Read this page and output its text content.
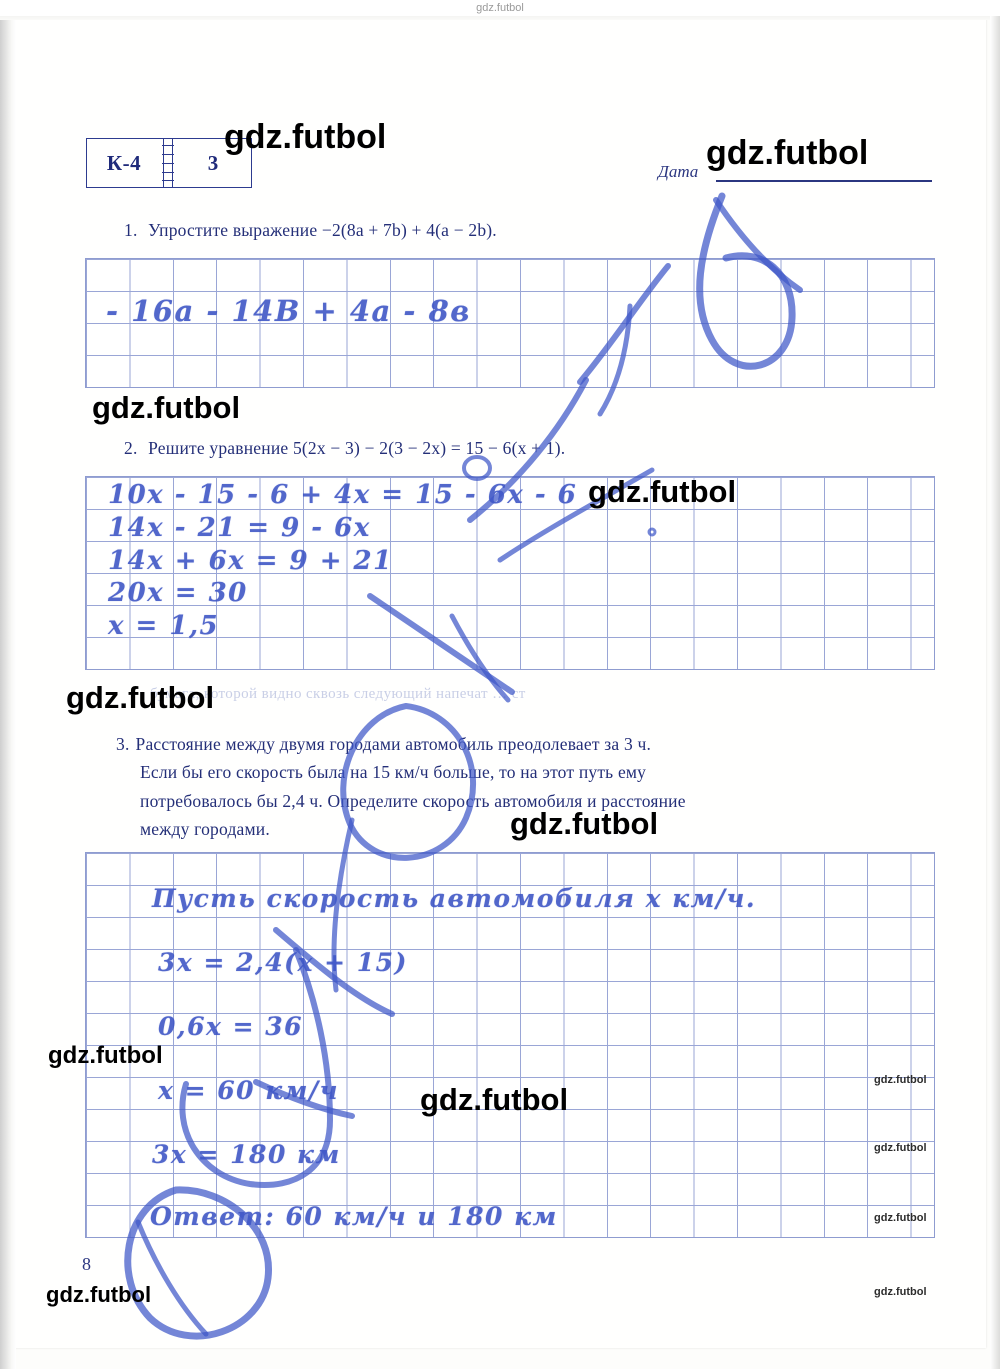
gdz.futbol
К-4	3	Дата
1. Упростите выражение −2(8a + 7b) + 4(a − 2b).
- 16a - 14B + 4a - 8в
2. Решите уравнение 5(2x − 3) − 2(3 − 2x) = 15 − 6(x + 1).
10x - 15 - 6 + 4x = 15 - 6x - 6
14x - 21 = 9 - 6x
14x + 6x = 9 + 21
20x = 30
x = 1,5
бумага, которой видно сквозь следующий напечат … ст
3. Расстояние между двумя городами автомобиль преодолевает за 3 ч.
Если бы его скорость была на 15 км/ч больше, то на этот путь ему
потребовалось бы 2,4 ч. Определите скорость автомобиля и расстояние
между городами.
Пусть скорость автомобиля x км/ч.
3x = 2,4(x + 15)
0,6x = 36
x = 60 км/ч
3x = 180 км
Ответ: 60 км/ч и 180 км
8
gdz.futbol	gdz.futbol
gdz.futbol
gdz.futbol
gdz.futbol
gdz.futbol
gdz.futbol
gdz.futbol
gdz.futbol
gdz.futbol
gdz.futbol
gdz.futbol
gdz.futbol
